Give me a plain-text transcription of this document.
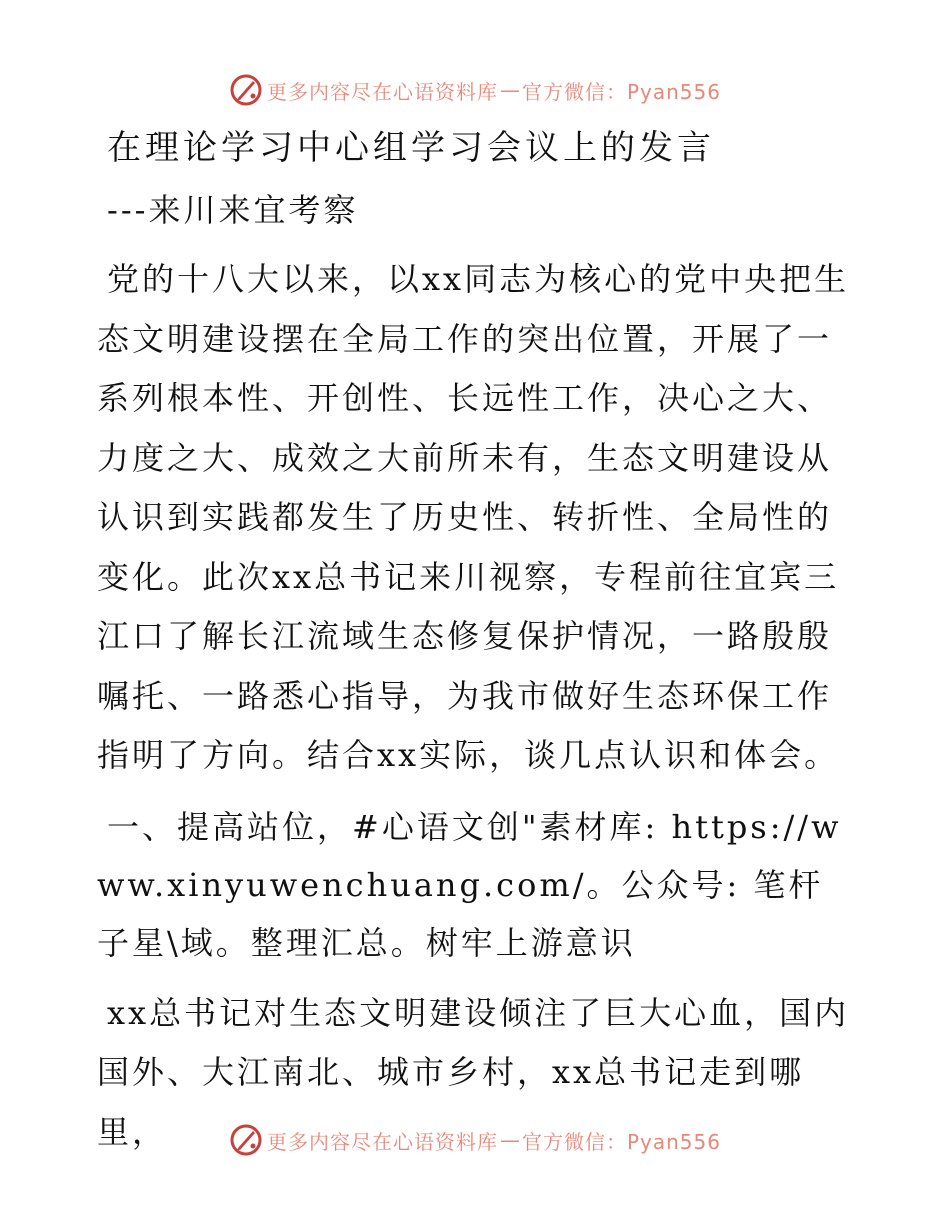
更多内容尽在心语资料库 — 官方微信：Pyan556
在理论学习中心组学习会议上的发言
---来川来宜考察

党的十八大以来，以xx同志为核心的党中央把生态文明建设摆在全局工作的突出位置，开展了一系列根本性、开创性、长远性工作，决心之大、力度之大、成效之大前所未有，生态文明建设从认识到实践都发生了历史性、转折性、全局性的变化。此次xx总书记来川视察，专程前往宜宾三江口了解长江流域生态修复保护情况，一路殷殷嘱托、一路悉心指导，为我市做好生态环保工作指明了方向。结合xx实际，谈几点认识和体会。

一、提高站位，#心语文创"素材库: https://www.xinyuwenchuang.com/。公众号: 笔杆子星\域。整理汇总。树牢上游意识

xx总书记对生态文明建设倾注了巨大心血，国内国外、大江南北、城市乡村，xx总书记走到哪里，	更多内容尽在心语资料库 — 官方微信：Pyan556
